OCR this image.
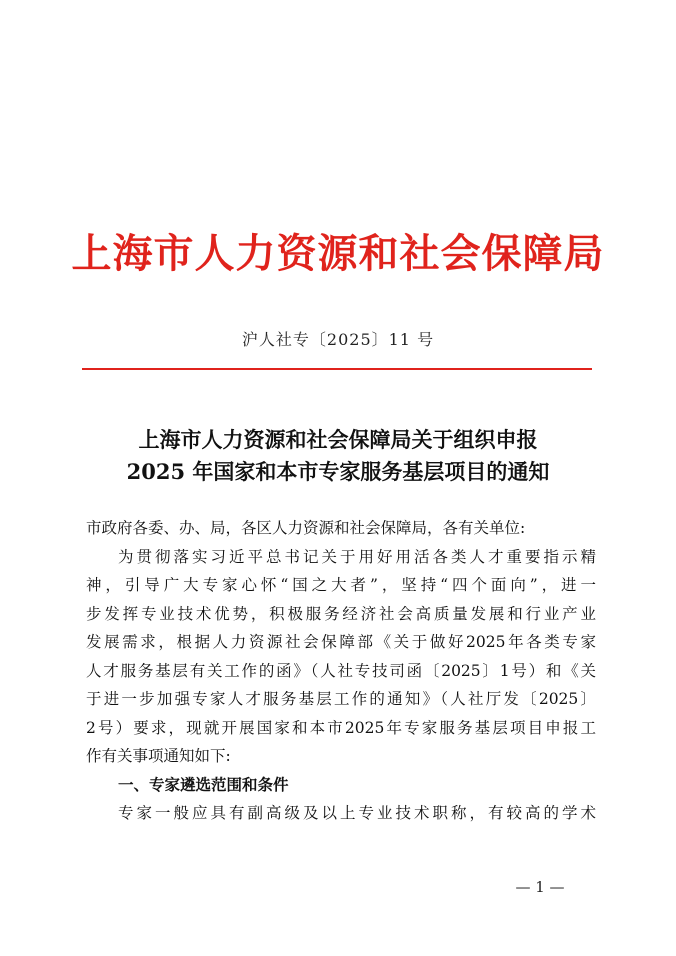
上海市人力资源和社会保障局
沪人社专〔2025〕11 号
上海市人力资源和社会保障局关于组织申报
2025 年国家和本市专家服务基层项目的通知
市政府各委、办、局，各区人力资源和社会保障局，各有关单位:
为贯彻落实习近平总书记关于用好用活各类人才重要指示精
神，引导广大专家心怀“国之大者”，坚持“四个面向”，进一
步发挥专业技术优势，积极服务经济社会高质量发展和行业产业
发展需求，根据人力资源社会保障部《关于做好2025年各类专家
人才服务基层有关工作的函》（人社专技司函〔2025〕1号）和《关
于进一步加强专家人才服务基层工作的通知》（人社厅发〔2025〕
2号）要求，现就开展国家和本市2025年专家服务基层项目申报工
作有关事项通知如下:
一、专家遴选范围和条件
专家一般应具有副高级及以上专业技术职称，有较高的学术
— 1 —
